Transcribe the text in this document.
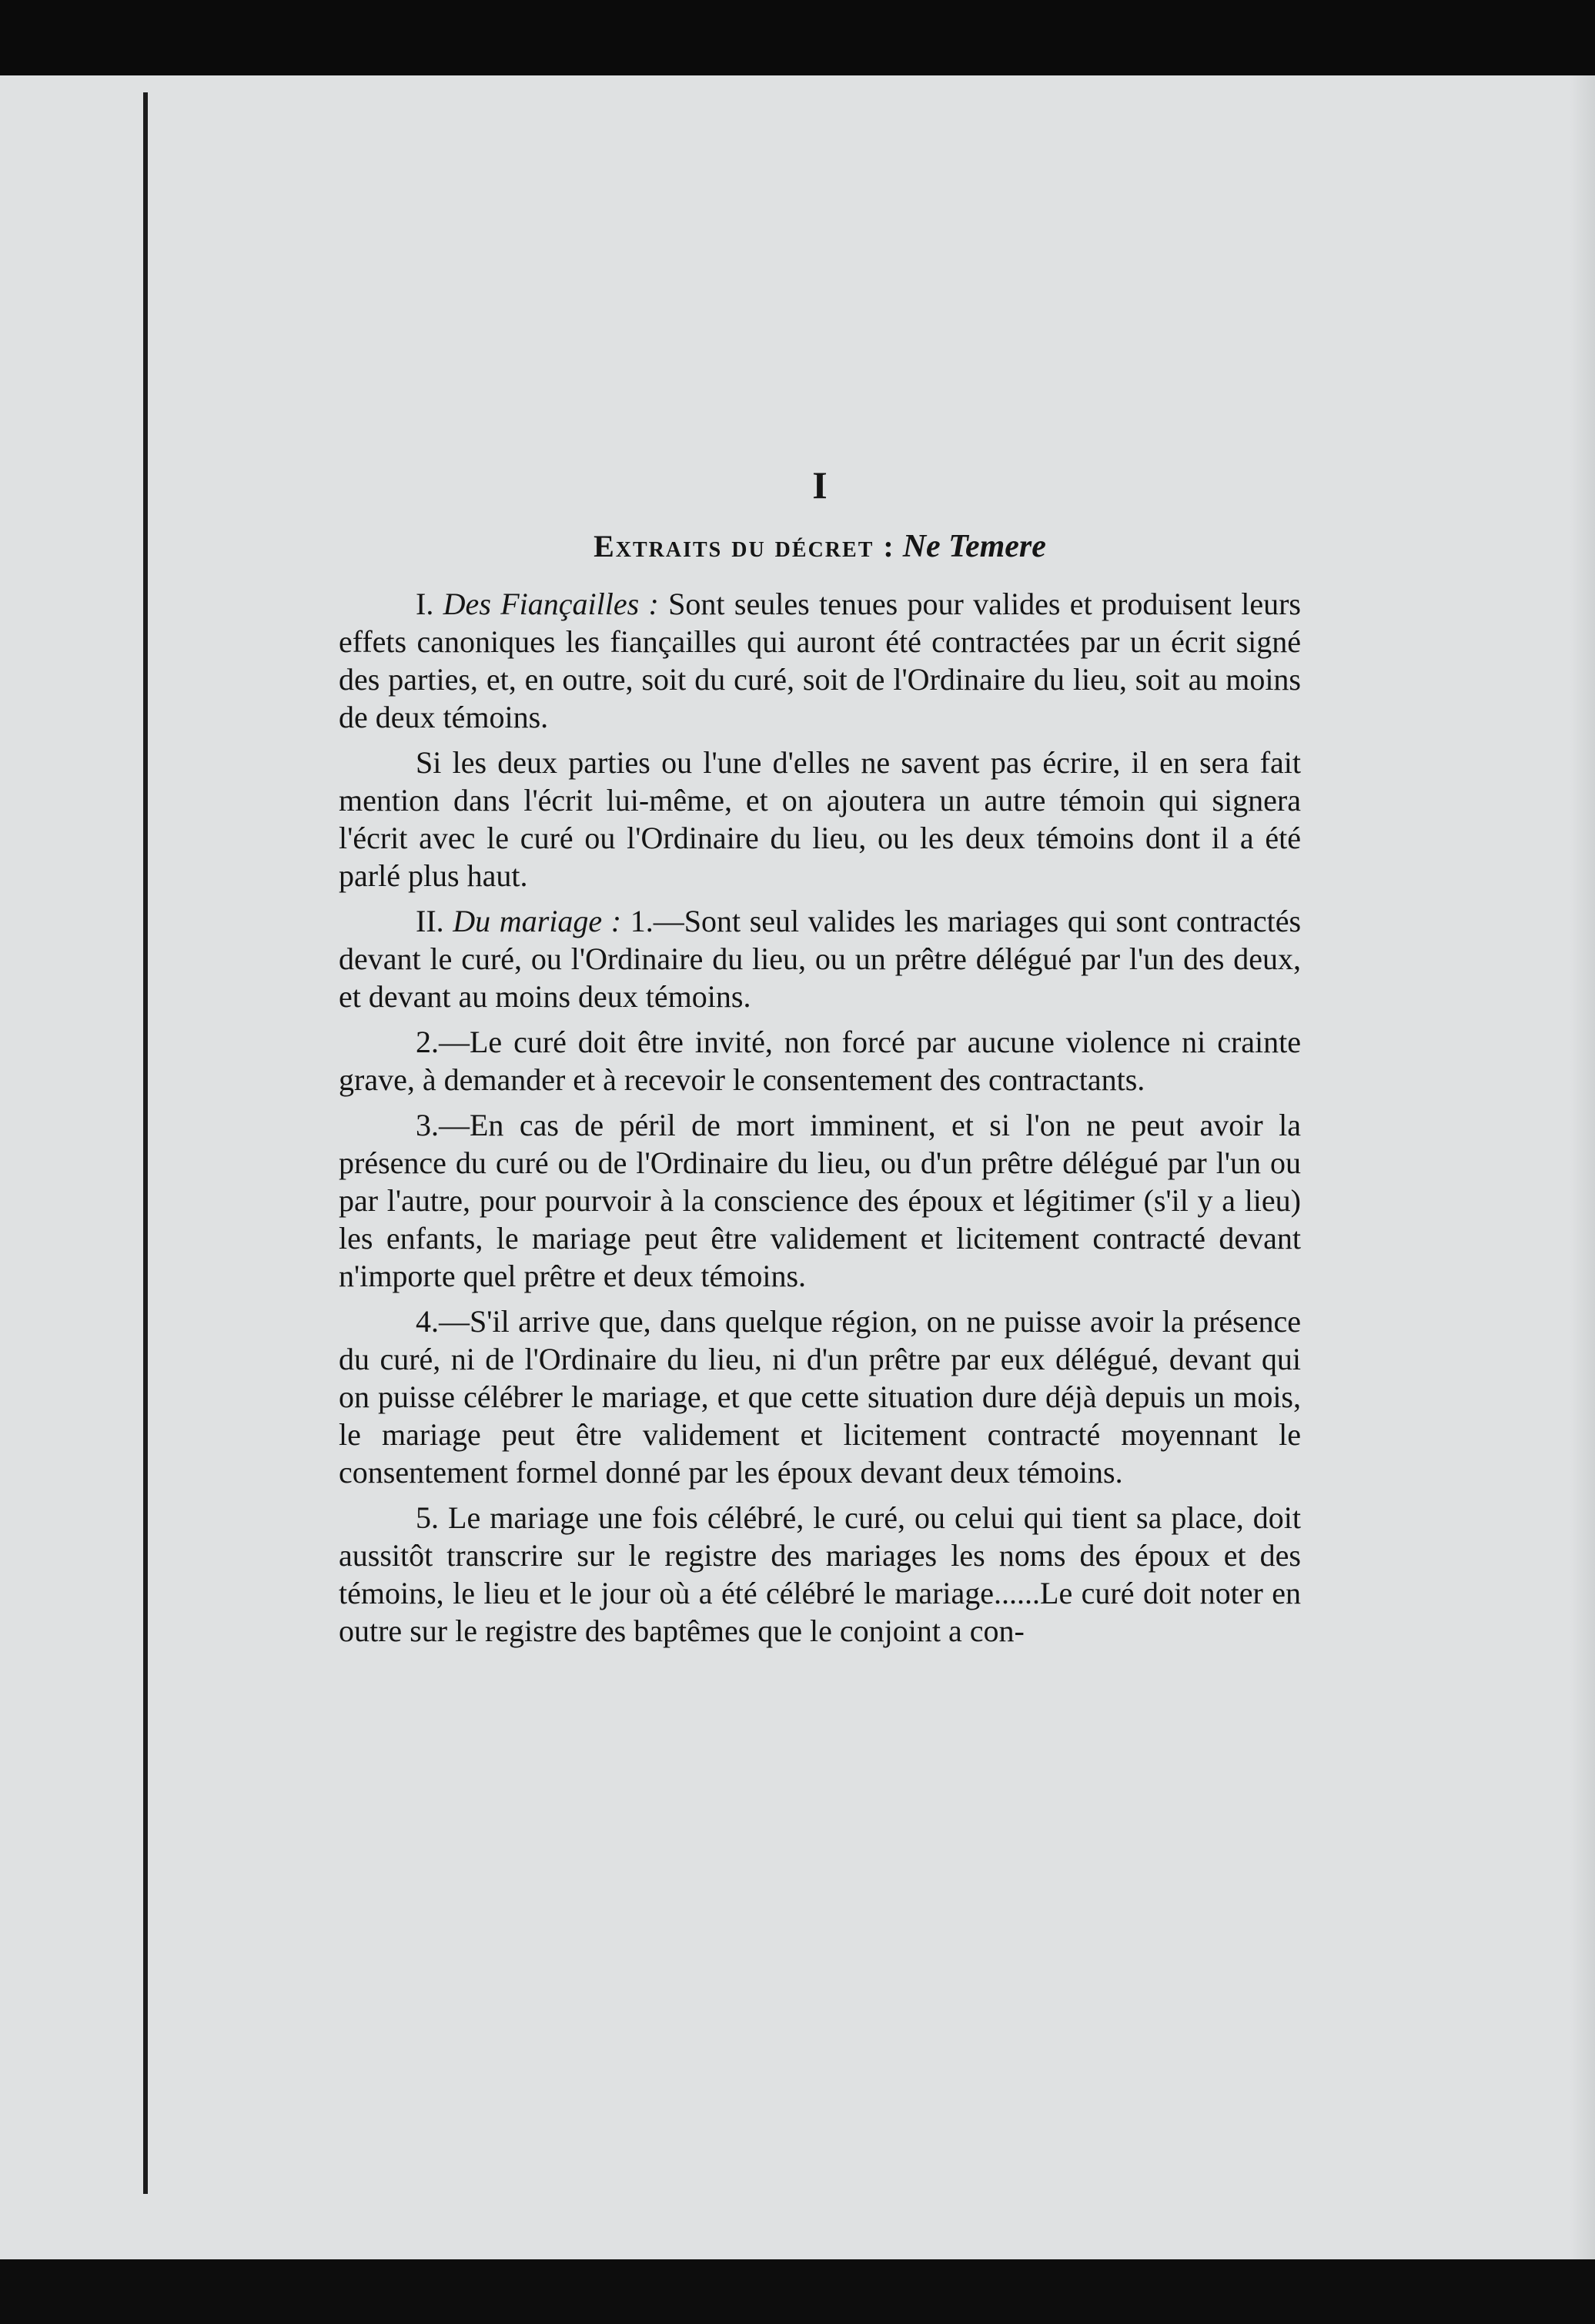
I
Extraits du décret : Ne Temere

I. Des Fiançailles : Sont seules tenues pour valides et produisent leurs effets canoniques les fiançailles qui auront été contractées par un écrit signé des parties, et, en outre, soit du curé, soit de l'Ordinaire du lieu, soit au moins de deux témoins.

Si les deux parties ou l'une d'elles ne savent pas écrire, il en sera fait mention dans l'écrit lui-même, et on ajoutera un autre témoin qui signera l'écrit avec le curé ou l'Ordinaire du lieu, ou les deux témoins dont il a été parlé plus haut.

II. Du mariage : 1.—Sont seul valides les mariages qui sont contractés devant le curé, ou l'Ordinaire du lieu, ou un prêtre délégué par l'un des deux, et devant au moins deux témoins.

2.—Le curé doit être invité, non forcé par aucune violence ni crainte grave, à demander et à recevoir le consentement des contractants.

3.—En cas de péril de mort imminent, et si l'on ne peut avoir la présence du curé ou de l'Ordinaire du lieu, ou d'un prêtre délégué par l'un ou par l'autre, pour pourvoir à la conscience des époux et légitimer (s'il y a lieu) les enfants, le mariage peut être validement et licitement contracté devant n'importe quel prêtre et deux témoins.

4.—S'il arrive que, dans quelque région, on ne puisse avoir la présence du curé, ni de l'Ordinaire du lieu, ni d'un prêtre par eux délégué, devant qui on puisse célébrer le mariage, et que cette situation dure déjà depuis un mois, le mariage peut être validement et licitement contracté moyennant le consentement formel donné par les époux devant deux témoins.

5. Le mariage une fois célébré, le curé, ou celui qui tient sa place, doit aussitôt transcrire sur le registre des mariages les noms des époux et des témoins, le lieu et le jour où a été célébré le mariage......Le curé doit noter en outre sur le registre des baptêmes que le conjoint a con-
